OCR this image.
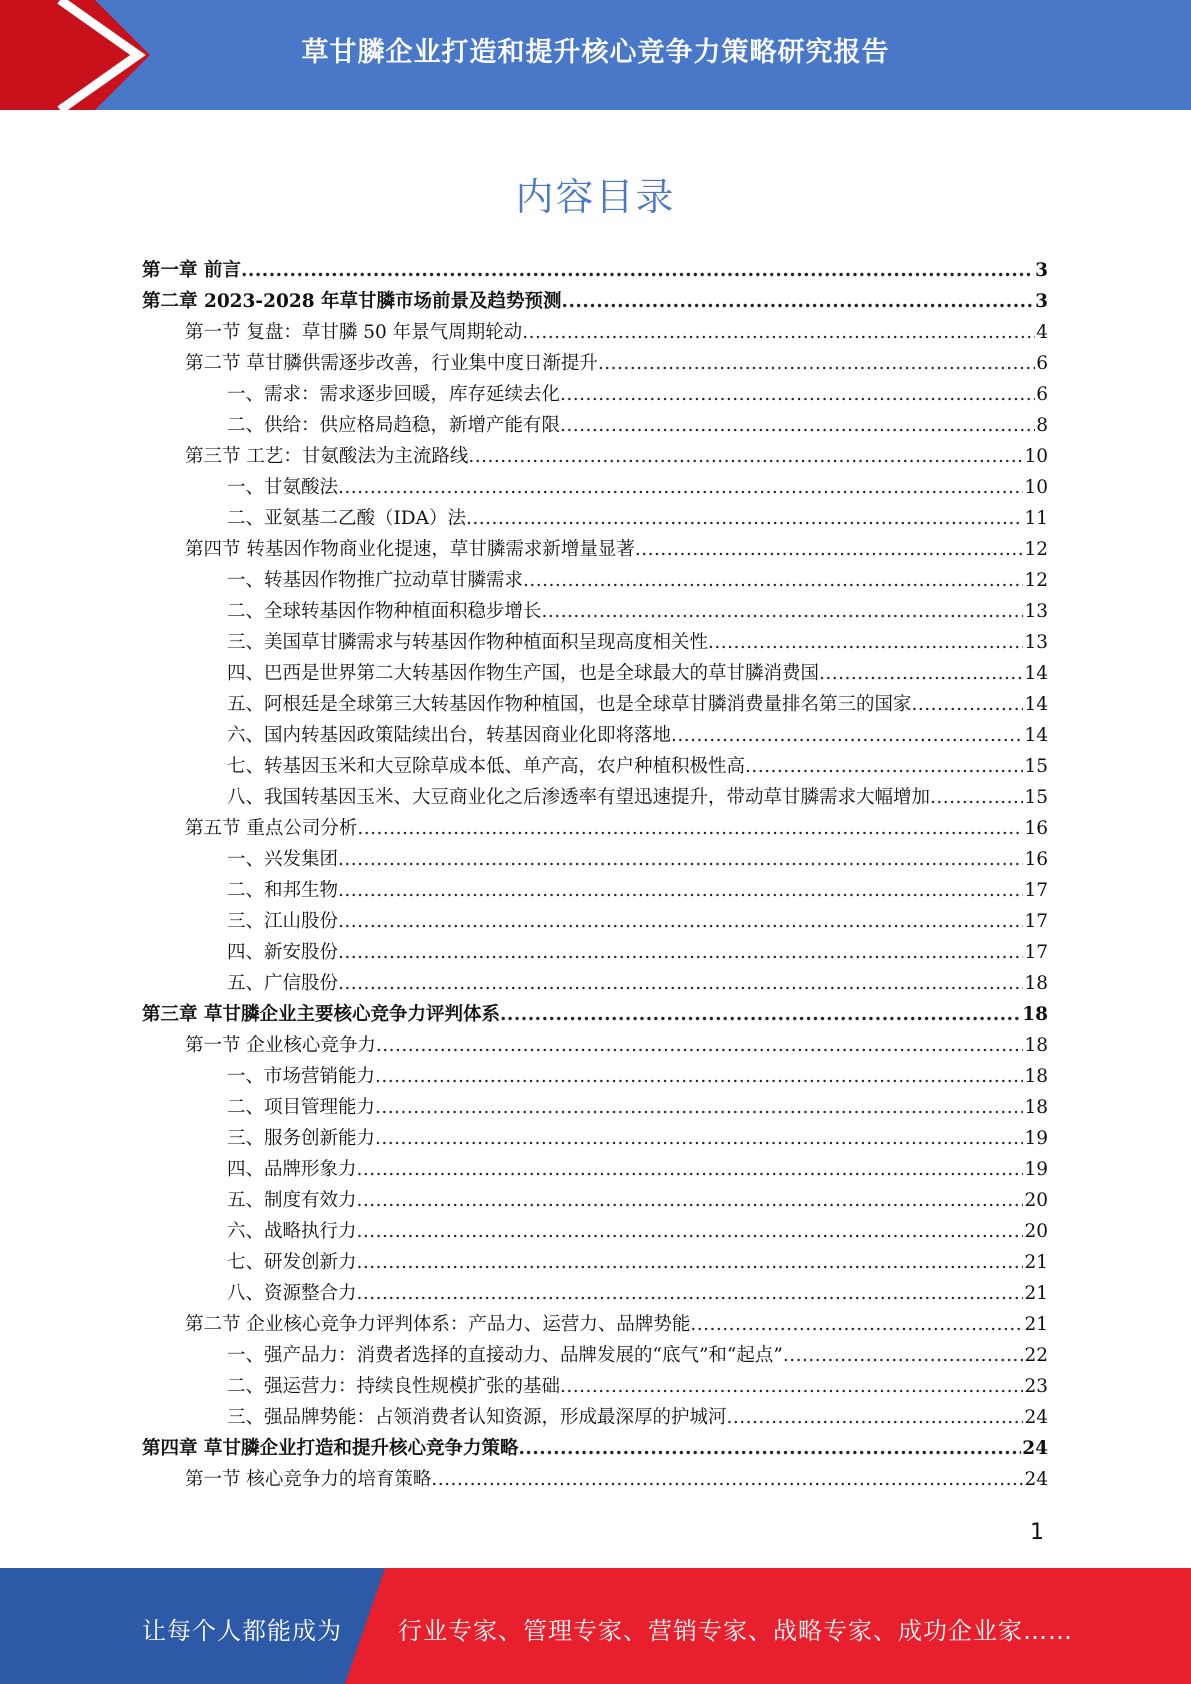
草甘膦企业打造和提升核心竞争力策略研究报告
内容目录
第一章 前言 .....	3
第二章 2023-2028 年草甘膦市场前景及趋势预测 .....	3
第一节 复盘：草甘膦 50 年景气周期轮动 .....	4
第二节 草甘膦供需逐步改善，行业集中度日渐提升 .....	6
一、需求：需求逐步回暖，库存延续去化 .....	6
二、供给：供应格局趋稳，新增产能有限 .....	8
第三节 工艺：甘氨酸法为主流路线 .....	10
一、甘氨酸法 .....	10
二、亚氨基二乙酸（IDA）法 .....	11
第四节 转基因作物商业化提速，草甘膦需求新增量显著 .....	12
一、转基因作物推广拉动草甘膦需求 .....	12
二、全球转基因作物种植面积稳步增长 .....	13
三、美国草甘膦需求与转基因作物种植面积呈现高度相关性 .....	13
四、巴西是世界第二大转基因作物生产国，也是全球最大的草甘膦消费国 .....	14
五、阿根廷是全球第三大转基因作物种植国，也是全球草甘膦消费量排名第三的国家 .....	14
六、国内转基因政策陆续出台，转基因商业化即将落地 .....	14
七、转基因玉米和大豆除草成本低、单产高，农户种植积极性高 .....	15
八、我国转基因玉米、大豆商业化之后渗透率有望迅速提升，带动草甘膦需求大幅增加 .....	15
第五节 重点公司分析 .....	16
一、兴发集团 .....	16
二、和邦生物 .....	17
三、江山股份 .....	17
四、新安股份 .....	17
五、广信股份 .....	18
第三章 草甘膦企业主要核心竞争力评判体系 .....	18
第一节 企业核心竞争力 .....	18
一、市场营销能力 .....	18
二、项目管理能力 .....	18
三、服务创新能力 .....	19
四、品牌形象力 .....	19
五、制度有效力 .....	20
六、战略执行力 .....	20
七、研发创新力 .....	21
八、资源整合力 .....	21
第二节 企业核心竞争力评判体系：产品力、运营力、品牌势能 .....	21
一、强产品力：消费者选择的直接动力、品牌发展的“底气”和“起点” .....	22
二、强运营力：持续良性规模扩张的基础 .....	23
三、强品牌势能：占领消费者认知资源，形成最深厚的护城河 .....	24
第四章 草甘膦企业打造和提升核心竞争力策略 .....	24
第一节 核心竞争力的培育策略 .....	24
1
让每个人都能成为 行业专家、管理专家、营销专家、战略专家、成功企业家……
